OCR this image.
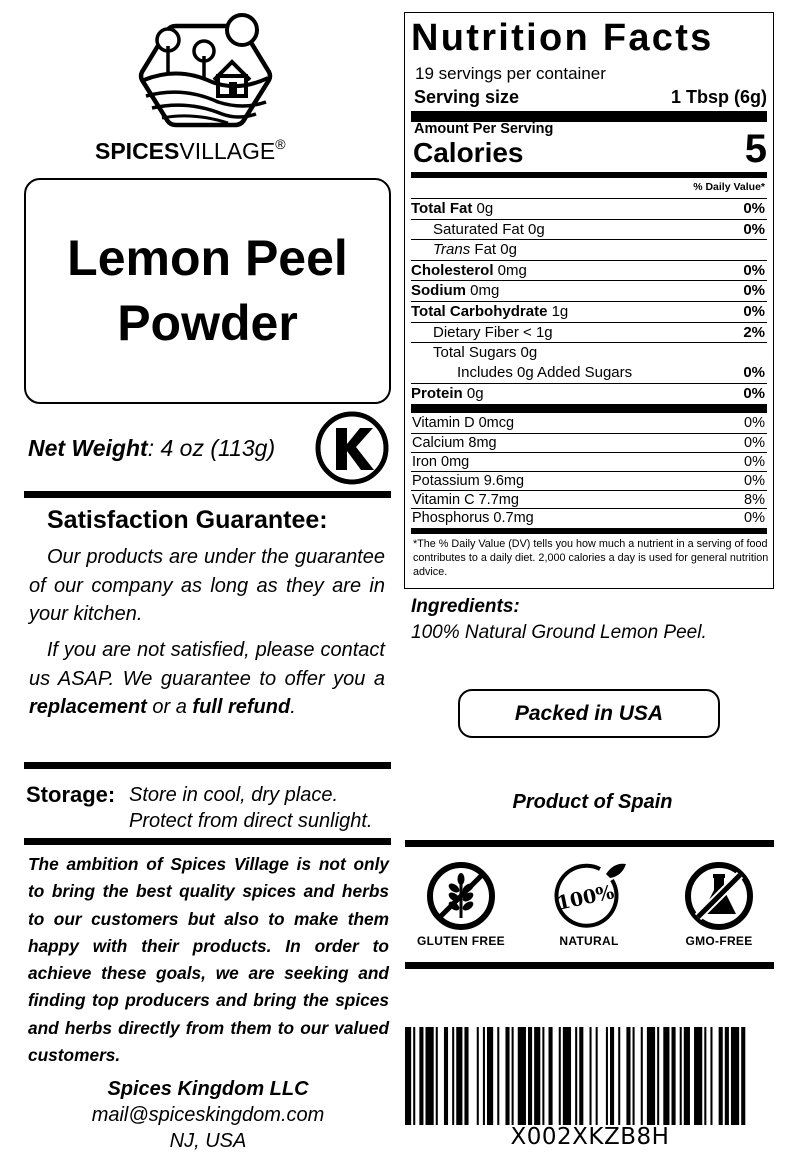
SPICESVILLAGE®
Lemon Peel Powder
Net Weight: 4 oz (113g)
Satisfaction Guarantee:

Our products are under the guarantee of our company as long as they are in your kitchen.

If you are not satisfied, please contact us ASAP. We guarantee to offer you a replacement or a full refund.

Storage: Store in cool, dry place.
Protect from direct sunlight.

The ambition of Spices Village is not only to bring the best quality spices and herbs to our customers but also to make them happy with their products. In order to achieve these goals, we are seeking and finding top producers and bring the spices and herbs directly from them to our valued customers.

Spices Kingdom LLC
mail@spiceskingdom.com
NJ, USA
Nutrition Facts
19 servings per container
Serving size	1 Tbsp (6g)
Amount Per Serving
Calories	5
% Daily Value*
Total Fat 0g	0%
Saturated Fat 0g	0%
Trans Fat 0g
Cholesterol 0mg	0%
Sodium 0mg	0%
Total Carbohydrate 1g	0%
Dietary Fiber < 1g	2%
Total Sugars 0g
Includes 0g Added Sugars	0%
Protein 0g	0%
Vitamin D 0mcg	0%
Calcium 8mg	0%
Iron 0mg	0%
Potassium 9.6mg	0%
Vitamin C 7.7mg	8%
Phosphorus 0.7mg	0%
*The % Daily Value (DV) tells you how much a nutrient in a serving of food contributes to a daily diet. 2,000 calories a day is used for general nutrition advice.
Ingredients:
100% Natural Ground Lemon Peel.
Packed in USA
Product of Spain
GLUTEN FREE
100%
NATURAL	GMO-FREE
X002XKZB8H
